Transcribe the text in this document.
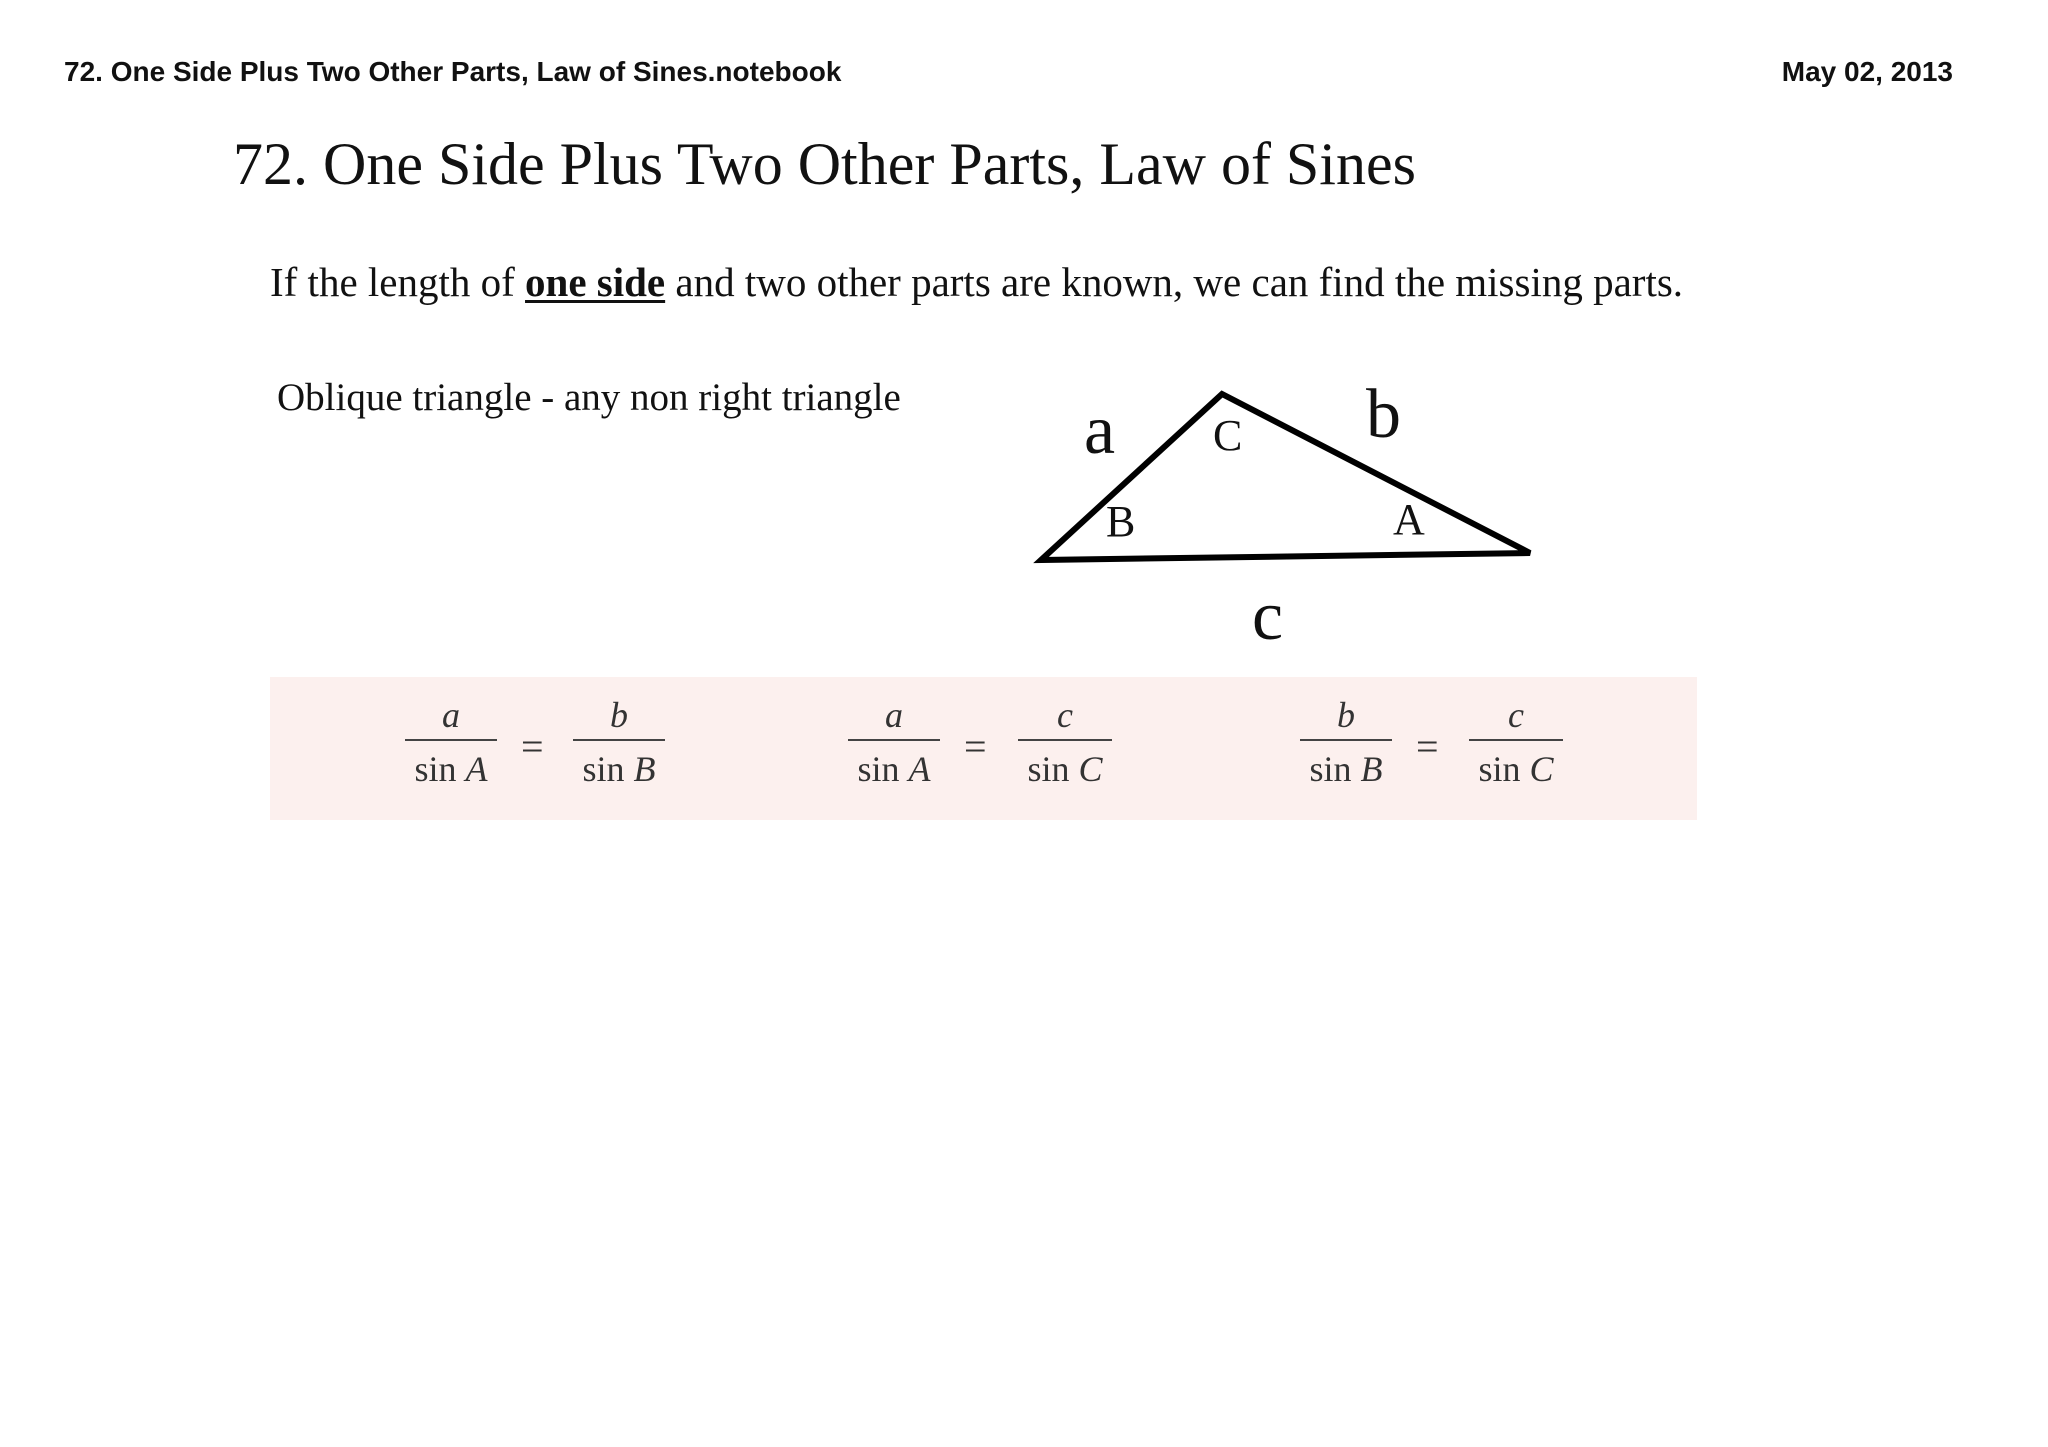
72. One Side Plus Two Other Parts, Law of Sines.notebook	May 02, 2013
72. One Side Plus Two Other Parts, Law of Sines
If the length of one side and two other parts are known, we can find the missing parts.
Oblique triangle - any non right triangle	a	b
c
C
B	A
a
sin A =
b
sin B
a
sin A =
c
sin C
b
sin B =
c
sin C
